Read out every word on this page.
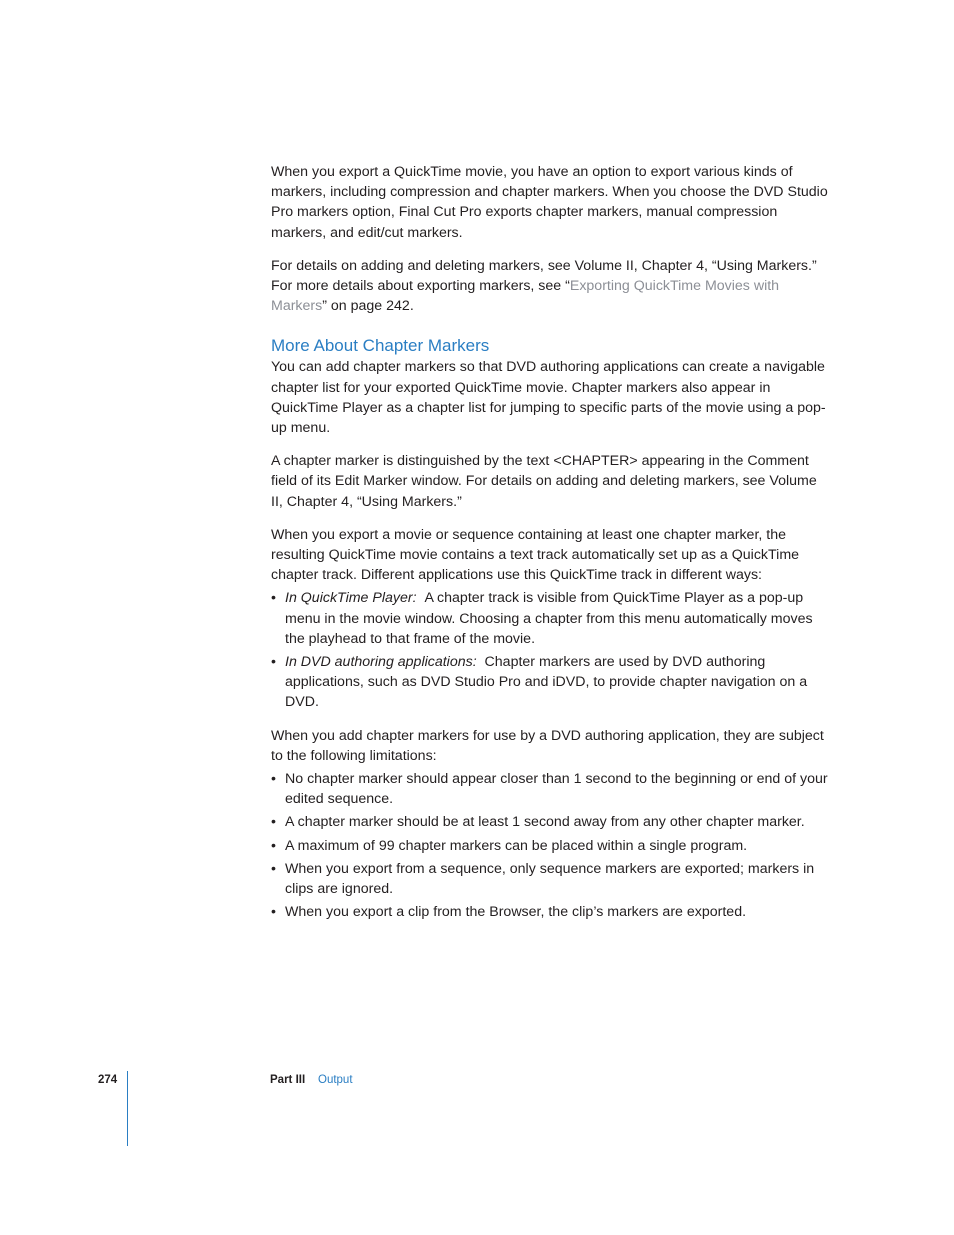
When you export a QuickTime movie, you have an option to export various kinds of markers, including compression and chapter markers. When you choose the DVD Studio Pro markers option, Final Cut Pro exports chapter markers, manual compression markers, and edit/cut markers.

For details on adding and deleting markers, see Volume II, Chapter 4, “Using Markers.” For more details about exporting markers, see “Exporting QuickTime Movies with Markers” on page 242.

More About Chapter Markers

You can add chapter markers so that DVD authoring applications can create a navigable chapter list for your exported QuickTime movie. Chapter markers also appear in QuickTime Player as a chapter list for jumping to specific parts of the movie using a pop-up menu.

A chapter marker is distinguished by the text <CHAPTER> appearing in the Comment field of its Edit Marker window. For details on adding and deleting markers, see Volume II, Chapter 4, “Using Markers.”

When you export a movie or sequence containing at least one chapter marker, the resulting QuickTime movie contains a text track automatically set up as a QuickTime chapter track. Different applications use this QuickTime track in different ways:

• In QuickTime Player: A chapter track is visible from QuickTime Player as a pop-up menu in the movie window. Choosing a chapter from this menu automatically moves the playhead to that frame of the movie.
• In DVD authoring applications: Chapter markers are used by DVD authoring applications, such as DVD Studio Pro and iDVD, to provide chapter navigation on a DVD.

When you add chapter markers for use by a DVD authoring application, they are subject to the following limitations:

• No chapter marker should appear closer than 1 second to the beginning or end of your edited sequence.
• A chapter marker should be at least 1 second away from any other chapter marker.
• A maximum of 99 chapter markers can be placed within a single program.
• When you export from a sequence, only sequence markers are exported; markers in clips are ignored.
• When you export a clip from the Browser, the clip’s markers are exported.
274	Part III Output
